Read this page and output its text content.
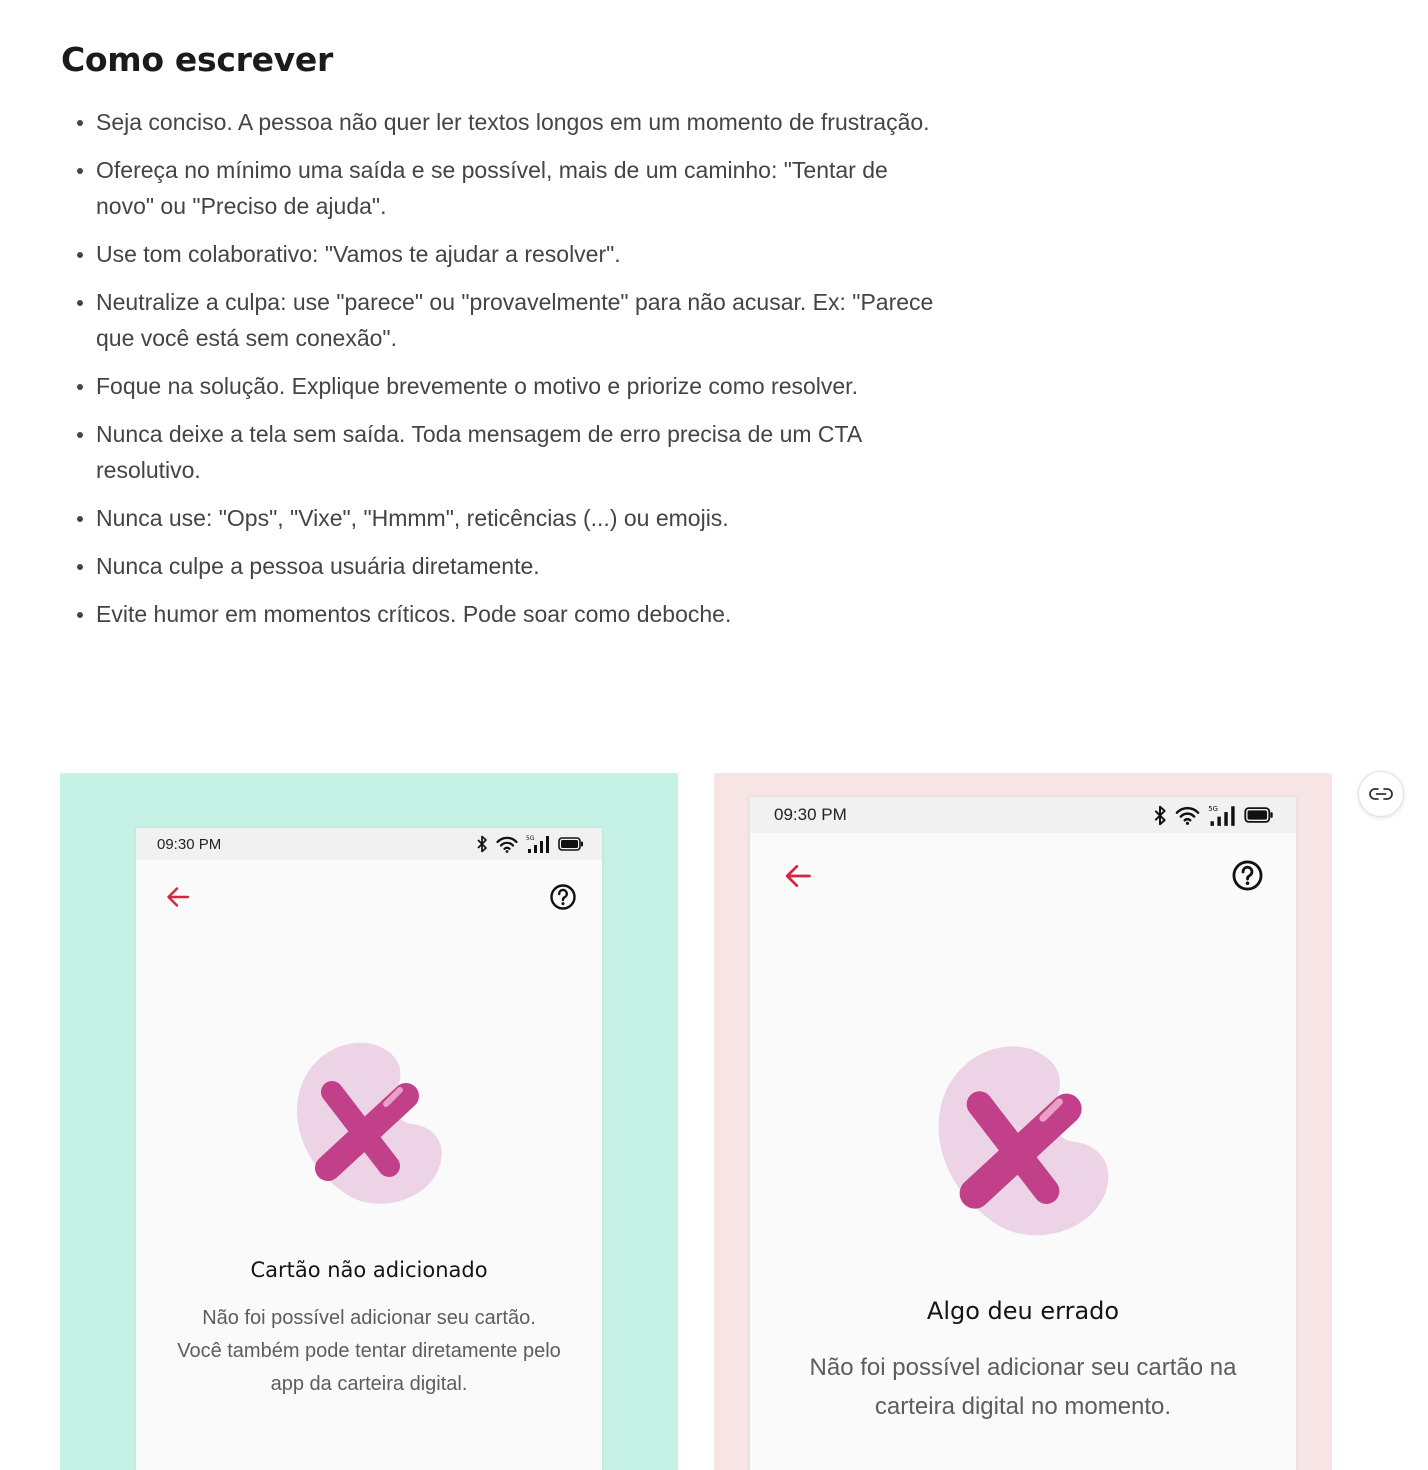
Como escrever
Seja conciso. A pessoa não quer ler textos longos em um momento de frustração.
Ofereça no mínimo uma saída e se possível, mais de um caminho: "Tentar de novo" ou "Preciso de ajuda".
Use tom colaborativo: "Vamos te ajudar a resolver".
Neutralize a culpa: use "parece" ou "provavelmente" para não acusar. Ex: "Parece que você está sem conexão".
Foque na solução. Explique brevemente o motivo e priorize como resolver.
Nunca deixe a tela sem saída. Toda mensagem de erro precisa de um CTA resolutivo.
Nunca use: "Ops", "Vixe", "Hmmm", reticências (...) ou emojis.
Nunca culpe a pessoa usuária diretamente.
Evite humor em momentos críticos. Pode soar como deboche.
09:30 PM	5G
Cartão não adicionado
Não foi possível adicionar seu cartão.
Você também pode tentar diretamente pelo
app da carteira digital.
09:30 PM	5G
Algo deu errado
Não foi possível adicionar seu cartão na
carteira digital no momento.
